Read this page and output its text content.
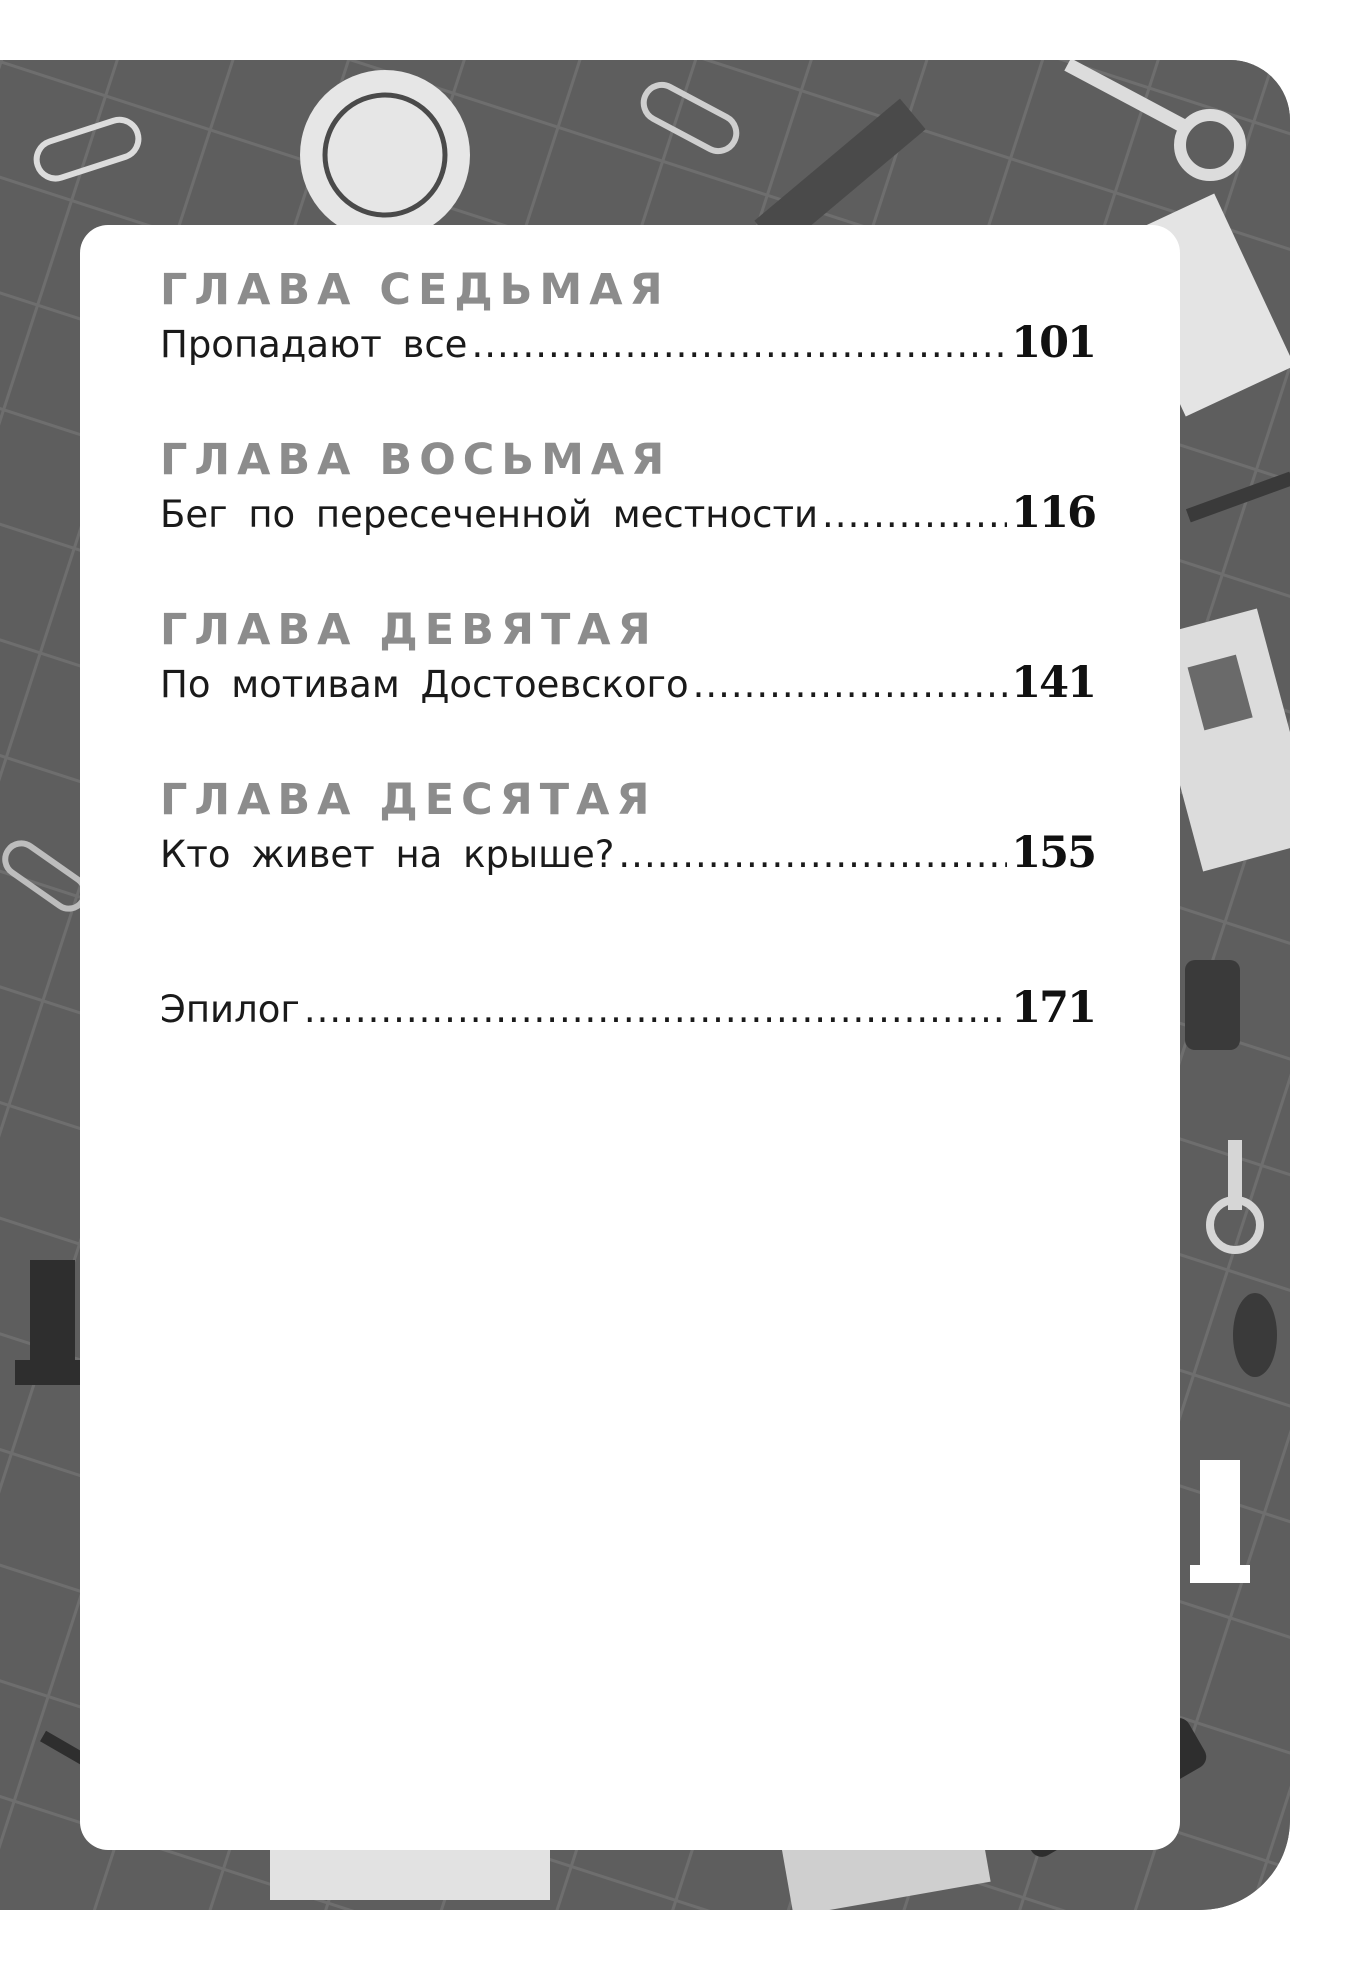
ГЛАВА СЕДЬМАЯ
Пропадают все .....	101
ГЛАВА ВОСЬМАЯ
Бег по пересеченной местности .....	116
ГЛАВА ДЕВЯТАЯ
По мотивам Достоевского .....	141
ГЛАВА ДЕСЯТАЯ
Кто живет на крыше? .....	155
Эпилог .....	171
